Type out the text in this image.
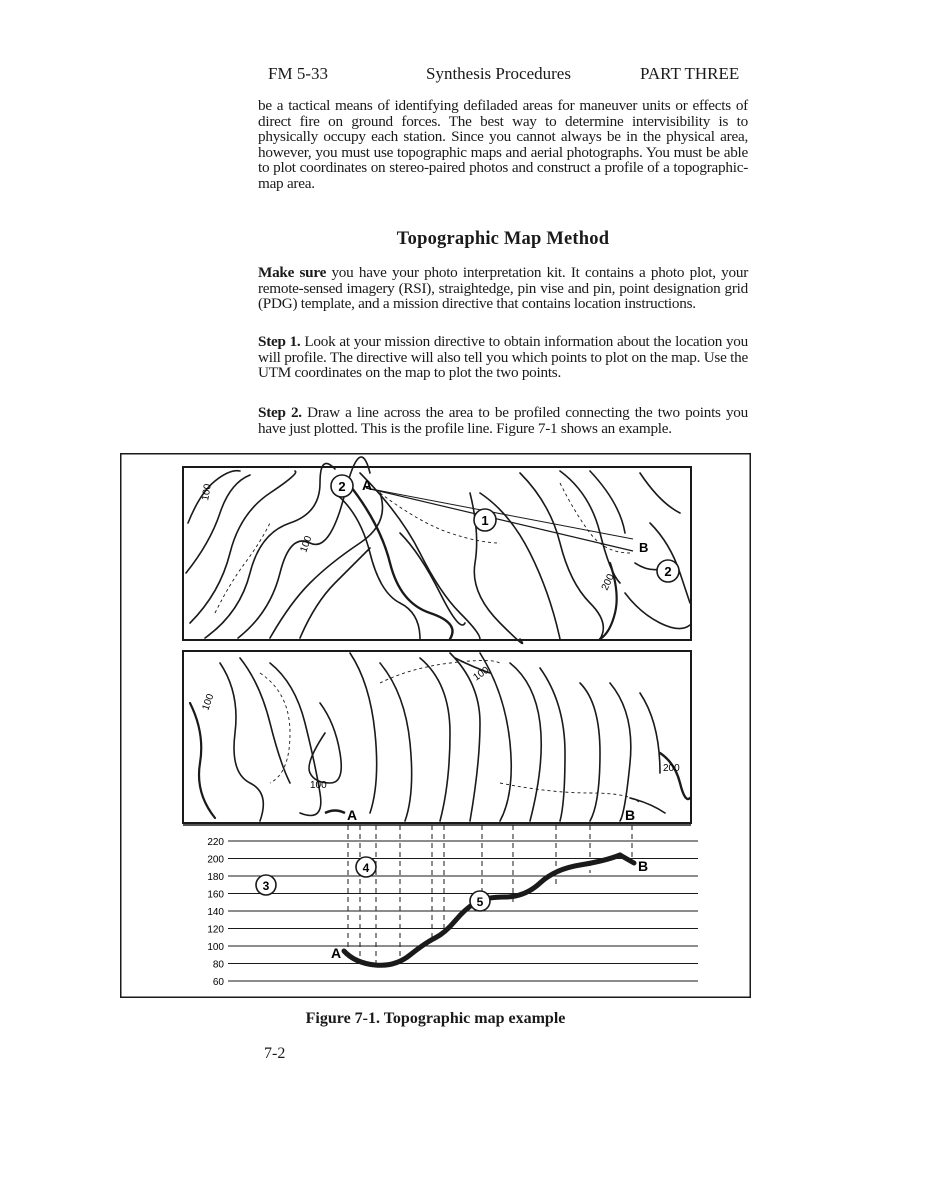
FM 5-33	Synthesis Procedures	PART THREE

be a tactical means of identifying defiladed areas for maneuver units or effects of direct fire on ground forces. The best way to determine intervisibility is to physically occupy each station. Since you cannot always be in the physical area, however, you must use topographic maps and aerial photographs. You must be able to plot coordinates on stereo-paired photos and construct a profile of a topographic-map area.

Topographic Map Method

Make sure you have your photo interpretation kit. It contains a photo plot, your remote-sensed imagery (RSI), straightedge, pin vise and pin, point designation grid (PDG) template, and a mission directive that contains location instructions.

Step 1. Look at your mission directive to obtain information about the location you will profile. The directive will also tell you which points to plot on the map. Use the UTM coordinates on the map to plot the two points.

Step 2. Draw a line across the area to be profiled connecting the two points you have just plotted. This is the profile line. Figure 7-1 shows an example.

2 A
1
B
2
100
100
200
A	B
100
100
100
200
220
200
180
160
140
120
100
80
60
A
B
3
4
5
Figure 7-1. Topographic map example
7-2
